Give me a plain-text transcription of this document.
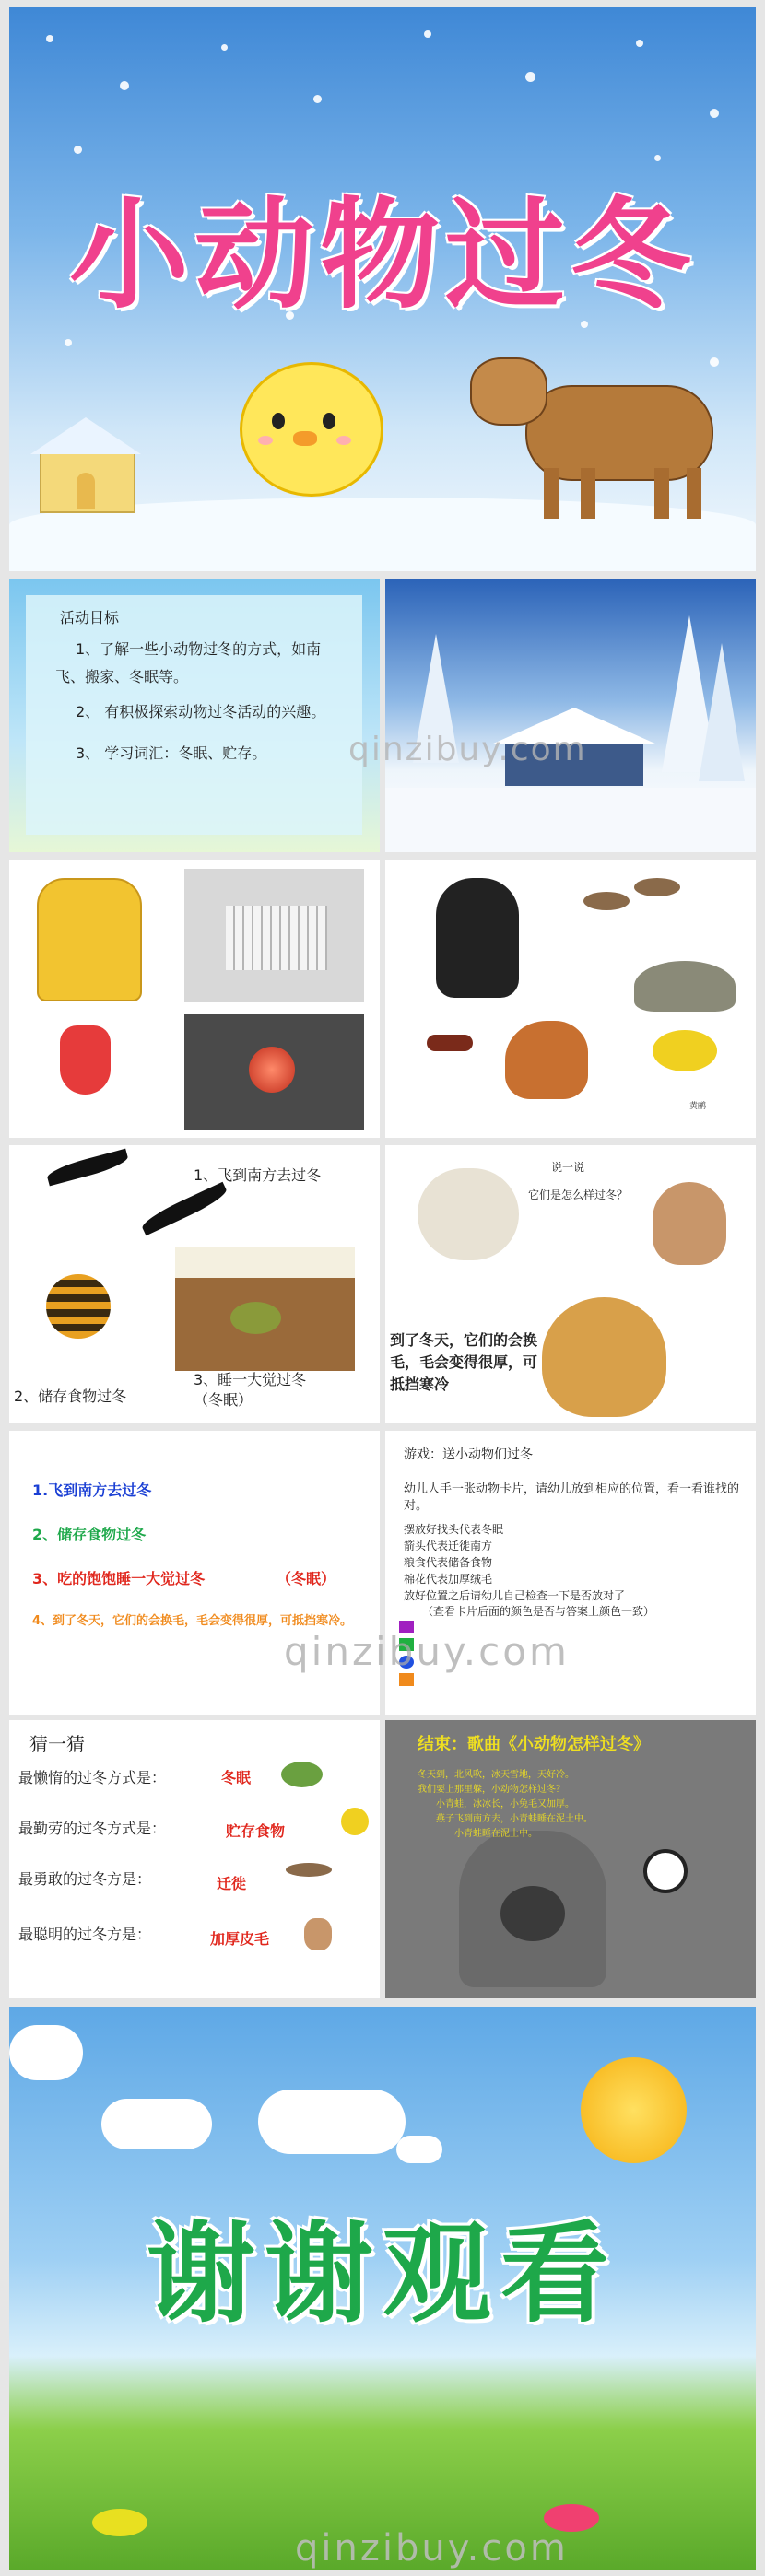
小动物过冬
活动目标
1、了解一些小动物过冬的方式，如南飞、搬家、冬眠等。
2、 有积极探索动物过冬活动的兴趣。
3、 学习词汇：冬眠、贮存。	qinzibuy.com
黄鹂
1、飞到南方去过冬
2、储存食物过冬
3、睡一大觉过冬
（冬眠）
说一说
它们是怎么样过冬？
到了冬天，它们的会换毛，毛会变得很厚，可抵挡寒冷
1.飞到南方去过冬
2、储存食物过冬
3、吃的饱饱睡一大觉过冬	（冬眠）
4、到了冬天，它们的会换毛，毛会变得很厚，可抵挡寒冷。
游戏：送小动物们过冬
幼儿人手一张动物卡片，请幼儿放到相应的位置，看一看谁找的对。
摆放好找头代表冬眠
箭头代表迁徙南方
粮食代表储备食物
棉花代表加厚绒毛
放好位置之后请幼儿自己检查一下是否放对了
（查看卡片后面的颜色是否与答案上颜色一致）
qinzibuy.com
猜一猜
最懒惰的过冬方式是：	冬眠
最勤劳的过冬方式是：	贮存食物
最勇敢的过冬方是：	迁徙
最聪明的过冬方是：	加厚皮毛
结束：歌曲《小动物怎样过冬》
冬天到，北风吹，冰天雪地，天好冷。
我们要上那里躲，小动物怎样过冬？
小青蛙，冰冰长，小兔毛又加厚。
燕子飞到南方去，小青蛙睡在泥土中。
小青蛙睡在泥土中。
谢谢观看
qinzibuy.com
